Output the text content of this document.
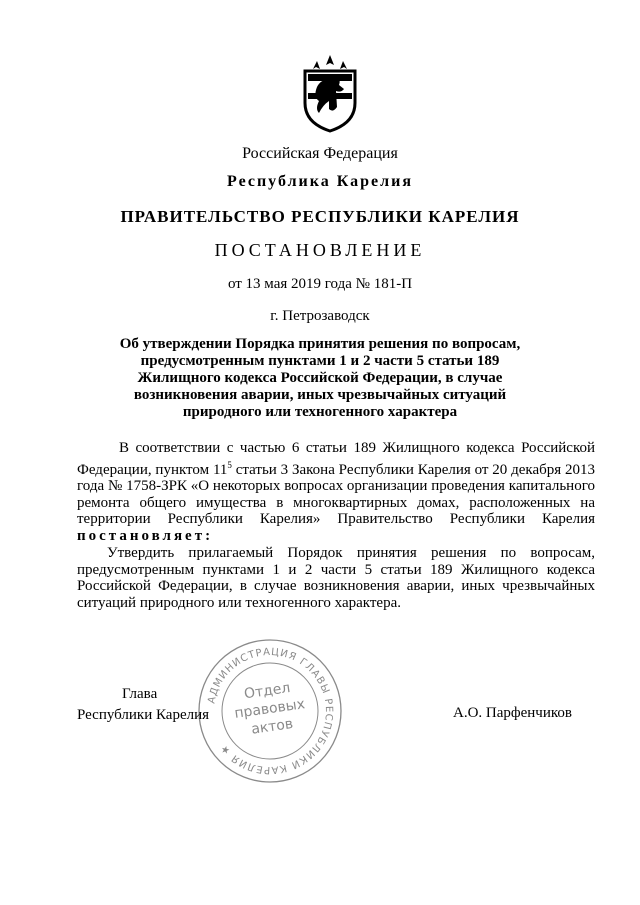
Российская Федерация
Республика Карелия
ПРАВИТЕЛЬСТВО РЕСПУБЛИКИ КАРЕЛИЯ
ПОСТАНОВЛЕНИЕ
от 13 мая 2019 года № 181-П
г. Петрозаводск
Об утверждении Порядка принятия решения по вопросам, предусмотренным пунктами 1 и 2 части 5 статьи 189 Жилищного кодекса Российской Федерации, в случае возникновения аварии, иных чрезвычайных ситуаций природного или техногенного характера
В соответствии с частью 6 статьи 189 Жилищного кодекса Российской Федерации, пунктом $11^5$ статьи 3 Закона Республики Карелия от 20 декабря 2013 года № 1758-ЗРК «О некоторых вопросах организации проведения капитального ремонта общего имущества в многоквартирных домах, расположенных на территории Республики Карелия» Правительство Республики Карелия постановляет:
Утвердить прилагаемый Порядок принятия решения по вопросам, предусмотренным пунктами 1 и 2 части 5 статьи 189 Жилищного кодекса Российской Федерации, в случае возникновения аварии, иных чрезвычайных ситуаций природного или техногенного характера.
АДМИНИСТРАЦИЯ ГЛАВЫ РЕСПУБЛИКИ КАРЕЛИЯ ★
Отдел
правовых
актов
Глава
Республики Карелия	А.О. Парфенчиков
